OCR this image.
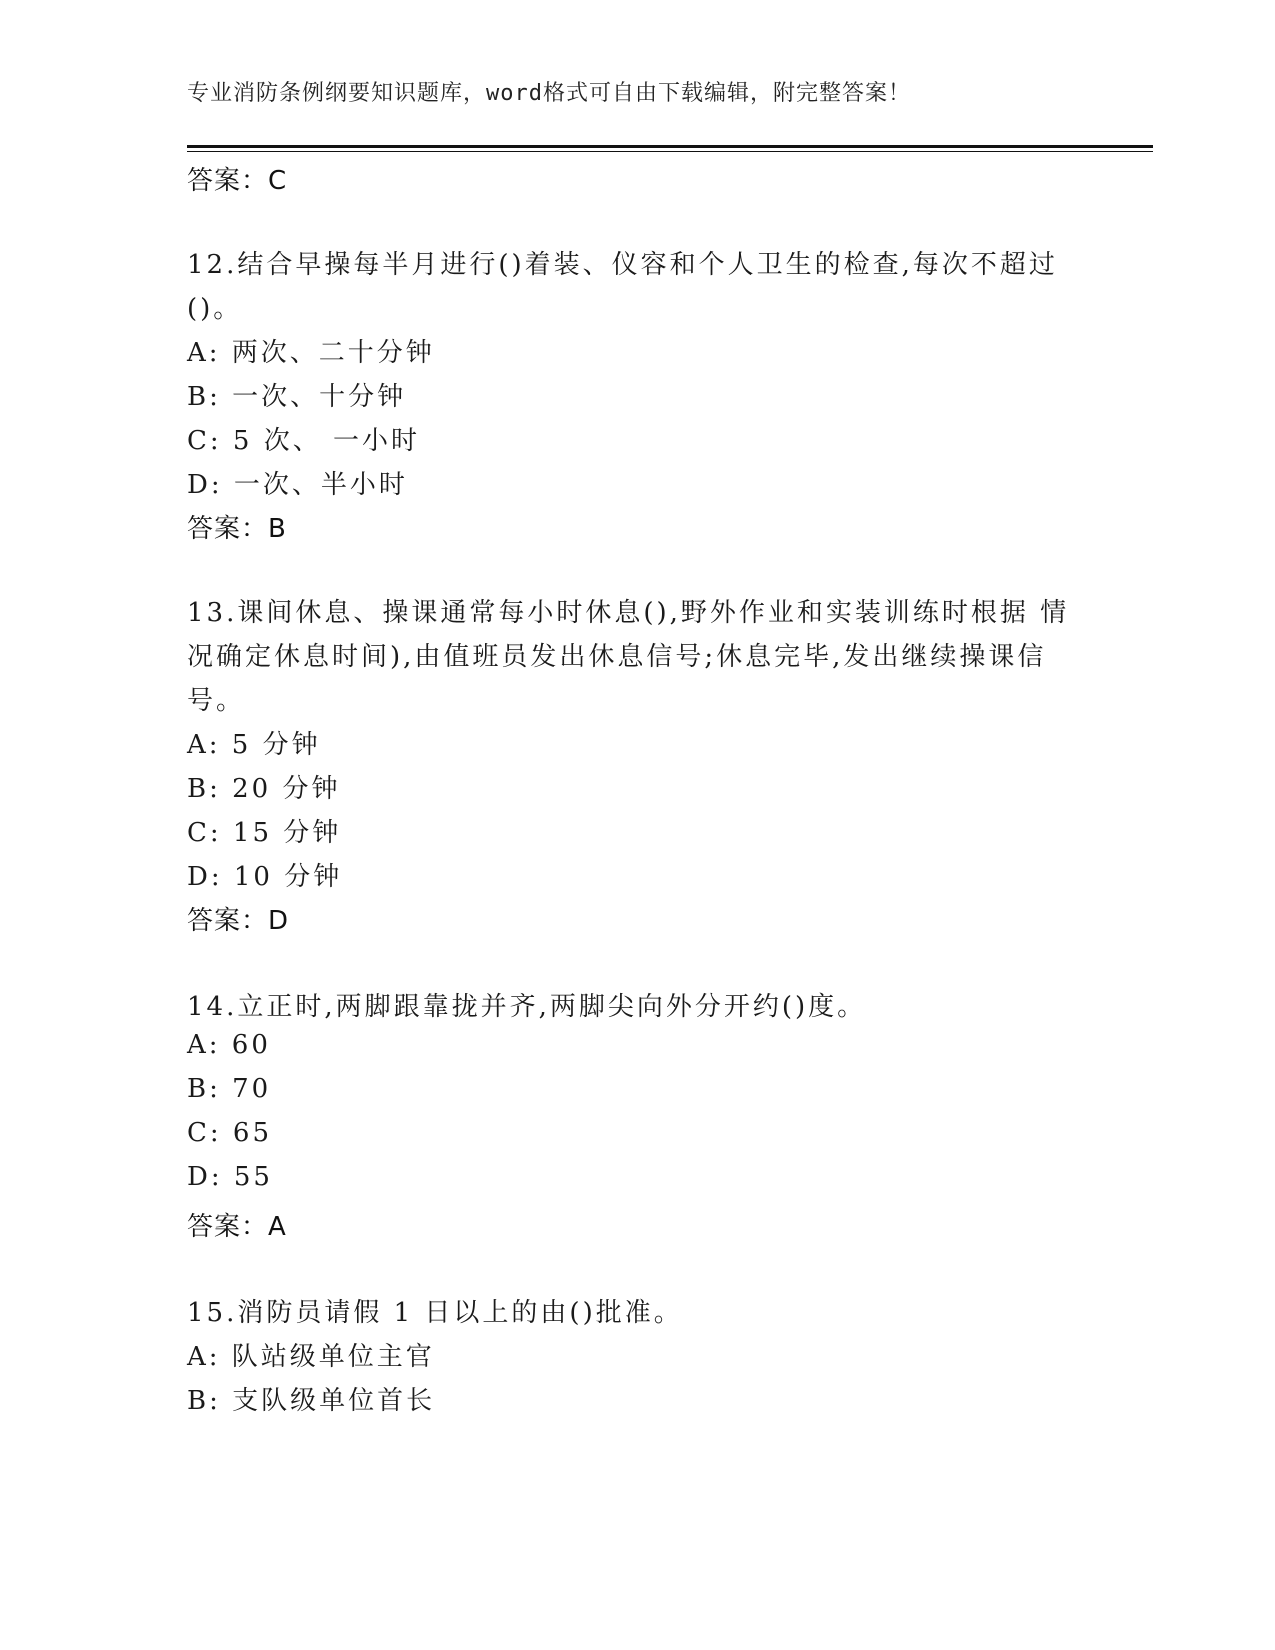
专业消防条例纲要知识题库，word格式可自由下载编辑，附完整答案！
答案：C
12.结合早操每半月进行()着装、仪容和个人卫生的检查,每次不超过
()。
A: 两次、二十分钟
B: 一次、十分钟
C: 5 次、 一小时
D: 一次、半小时
答案：B
13.课间休息、操课通常每小时休息(),野外作业和实装训练时根据 情
况确定休息时间),由值班员发出休息信号;休息完毕,发出继续操课信
号。
A: 5 分钟
B: 20 分钟
C: 15 分钟
D: 10 分钟
答案：D
14.立正时,两脚跟靠拢并齐,两脚尖向外分开约()度。
A: 60
B: 70
C: 65
D: 55
答案：A
15.消防员请假 1 日以上的由()批准。
A: 队站级单位主官
B: 支队级单位首长
